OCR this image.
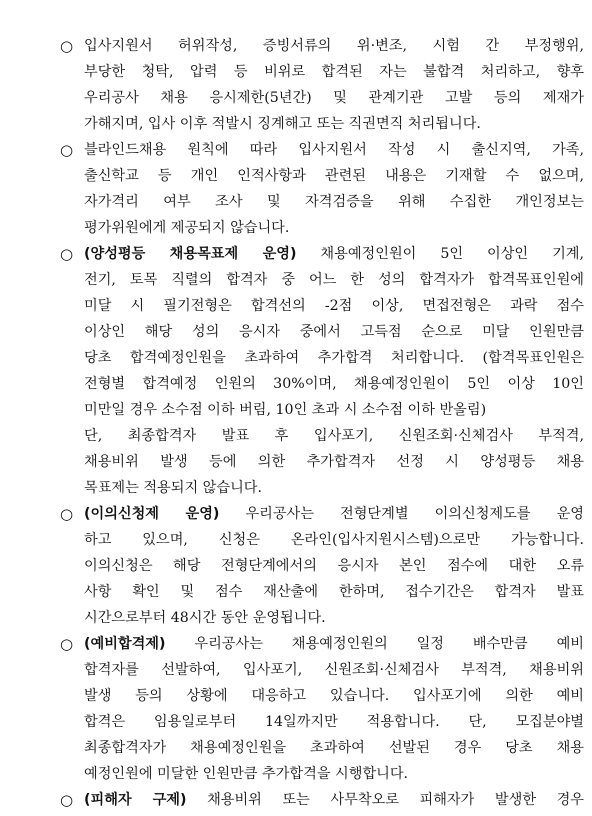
○ 입사지원서 허위작성, 증빙서류의 위·변조, 시험 간 부정행위,
부당한 청탁, 압력 등 비위로 합격된 자는 불합격 처리하고, 향후
우리공사 채용 응시제한(5년간) 및 관계기관 고발 등의 제재가
가해지며, 입사 이후 적발시 징계해고 또는 직권면직 처리됩니다.
○ 블라인드채용 원칙에 따라 입사지원서 작성 시 출신지역, 가족,
출신학교 등 개인 인적사항과 관련된 내용은 기재할 수 없으며,
자가격리 여부 조사 및 자격검증을 위해 수집한 개인정보는
평가위원에게 제공되지 않습니다.
○ (양성평등 채용목표제 운영) 채용예정인원이 5인 이상인 기계,
전기, 토목 직렬의 합격자 중 어느 한 성의 합격자가 합격목표인원에
미달 시 필기전형은 합격선의 -2점 이상, 면접전형은 과락 점수
이상인 해당 성의 응시자 중에서 고득점 순으로 미달 인원만큼
당초 합격예정인원을 초과하여 추가합격 처리합니다. (합격목표인원은
전형별 합격예정 인원의 30%이며, 채용예정인원이 5인 이상 10인
미만일 경우 소수점 이하 버림, 10인 초과 시 소수점 이하 반올림)
단, 최종합격자 발표 후 입사포기, 신원조회·신체검사 부적격,
채용비위 발생 등에 의한 추가합격자 선정 시 양성평등 채용
목표제는 적용되지 않습니다.
○ (이의신청제 운영) 우리공사는 전형단계별 이의신청제도를 운영
하고 있으며, 신청은 온라인(입사지원시스템)으로만 가능합니다.
이의신청은 해당 전형단계에서의 응시자 본인 점수에 대한 오류
사항 확인 및 점수 재산출에 한하며, 접수기간은 합격자 발표
시간으로부터 48시간 동안 운영됩니다.
○ (예비합격제) 우리공사는 채용예정인원의 일정 배수만큼 예비
합격자를 선발하여, 입사포기, 신원조회·신체검사 부적격, 채용비위
발생 등의 상황에 대응하고 있습니다. 입사포기에 의한 예비
합격은 임용일로부터 14일까지만 적용합니다. 단, 모집분야별
최종합격자가 채용예정인원을 초과하여 선발된 경우 당초 채용
예정인원에 미달한 인원만큼 추가합격을 시행합니다.
○ (피해자 구제) 채용비위 또는 사무착오로 피해자가 발생한 경우
